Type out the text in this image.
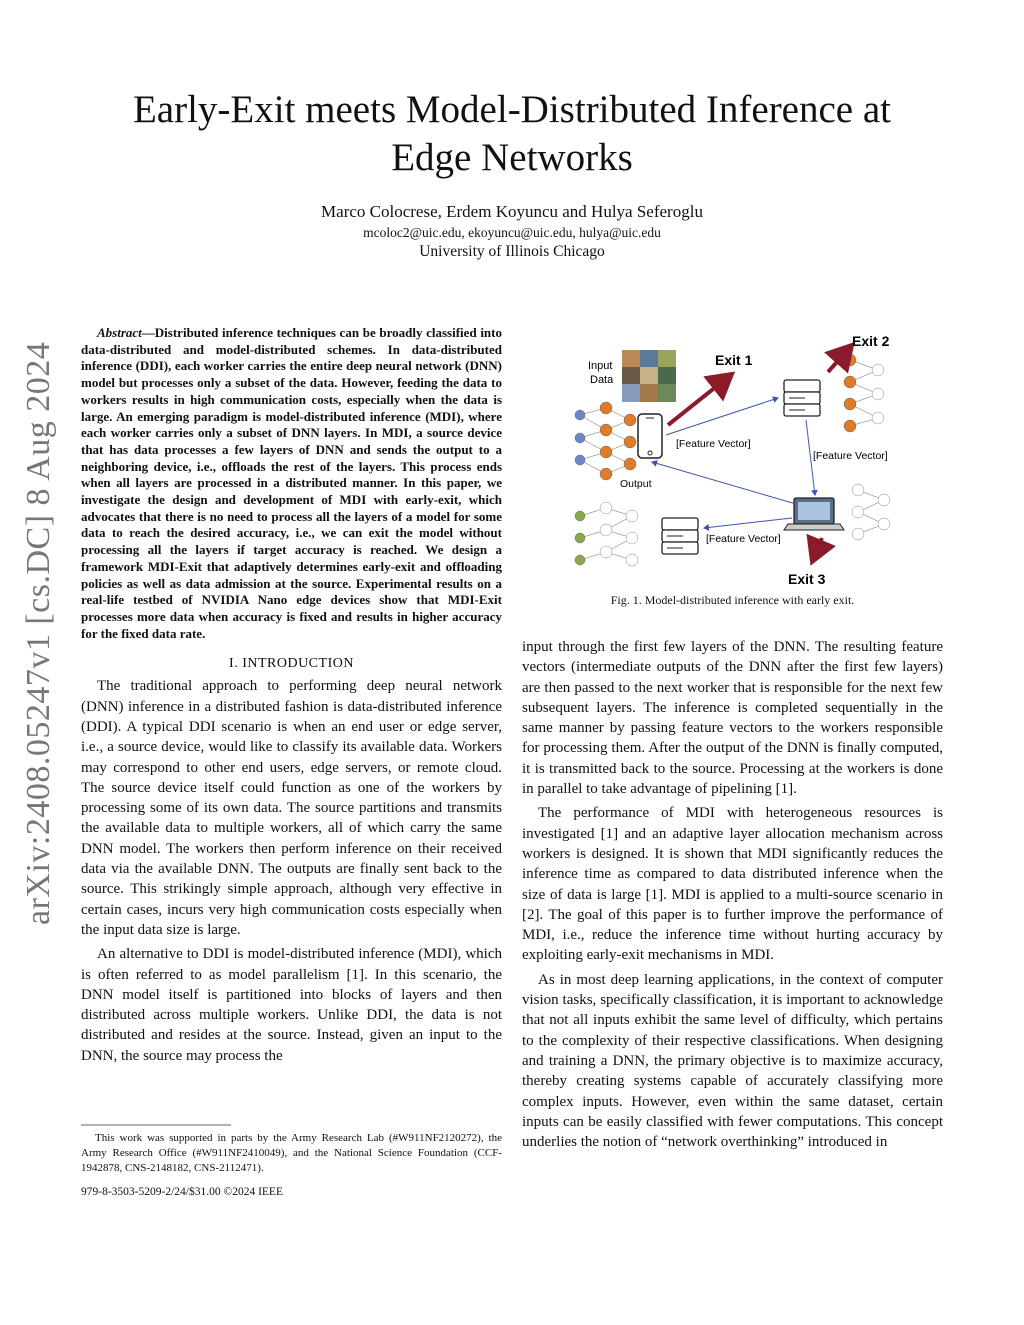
Early-Exit meets Model-Distributed Inference at Edge Networks
Marco Colocrese, Erdem Koyuncu and Hulya Seferoglu
mcoloc2@uic.edu, ekoyuncu@uic.edu, hulya@uic.edu
University of Illinois Chicago
arXiv:2408.05247v1 [cs.DC] 8 Aug 2024

Abstract—Distributed inference techniques can be broadly classified into data-distributed and model-distributed schemes. In data-distributed inference (DDI), each worker carries the entire deep neural network (DNN) model but processes only a subset of the data. However, feeding the data to workers results in high communication costs, especially when the data is large. An emerging paradigm is model-distributed inference (MDI), where each worker carries only a subset of DNN layers. In MDI, a source device that has data processes a few layers of DNN and sends the output to a neighboring device, i.e., offloads the rest of the layers. This process ends when all layers are processed in a distributed manner. In this paper, we investigate the design and development of MDI with early-exit, which advocates that there is no need to process all the layers of a model for some data to reach the desired accuracy, i.e., we can exit the model without processing all the layers if target accuracy is reached. We design a framework MDI-Exit that adaptively determines early-exit and offloading policies as well as data admission at the source. Experimental results on a real-life testbed of NVIDIA Nano edge devices show that MDI-Exit processes more data when accuracy is fixed and results in higher accuracy for the fixed data rate.

I. INTRODUCTION

The traditional approach to performing deep neural network (DNN) inference in a distributed fashion is data-distributed inference (DDI). A typical DDI scenario is when an end user or edge server, i.e., a source device, would like to classify its available data. Workers may correspond to other end users, edge servers, or remote cloud. The source device itself could function as one of the workers by processing some of its own data. The source partitions and transmits the available data to multiple workers, all of which carry the same DNN model. The workers then perform inference on their received data via the available DNN. The outputs are finally sent back to the source. This strikingly simple approach, although very effective in certain cases, incurs very high communication costs especially when the input data size is large.

An alternative to DDI is model-distributed inference (MDI), which is often referred to as model parallelism [1]. In this scenario, the DNN model itself is partitioned into blocks of layers and then distributed across multiple workers. Unlike DDI, the data is not distributed and resides at the source. Instead, given an input to the DNN, the source may process the

This work was supported in parts by the Army Research Lab (#W911NF2120272), the Army Research Office (#W911NF2410049), and the National Science Foundation (CCF-1942878, CNS-2148182, CNS-2112471).
979-8-3503-5209-2/24/$31.00 ©2024 IEEE
Input
Data
Exit 1
[Feature Vector]
Exit 2
[Feature Vector]
Exit 3
[Feature Vector]
Output
Fig. 1. Model-distributed inference with early exit.

input through the first few layers of the DNN. The resulting feature vectors (intermediate outputs of the DNN after the first few layers) are then passed to the next worker that is responsible for the next few subsequent layers. The inference is completed sequentially in the same manner by passing feature vectors to the workers responsible for processing them. After the output of the DNN is finally computed, it is transmitted back to the source. Processing at the workers is done in parallel to take advantage of pipelining [1].

The performance of MDI with heterogeneous resources is investigated [1] and an adaptive layer allocation mechanism across workers is designed. It is shown that MDI significantly reduces the inference time as compared to data distributed inference when the size of data is large [1]. MDI is applied to a multi-source scenario in [2]. The goal of this paper is to further improve the performance of MDI, i.e., reduce the inference time without hurting accuracy by exploiting early-exit mechanisms in MDI.

As in most deep learning applications, in the context of computer vision tasks, specifically classification, it is important to acknowledge that not all inputs exhibit the same level of difficulty, which pertains to the complexity of their respective classifications. When designing and training a DNN, the primary objective is to maximize accuracy, thereby creating systems capable of accurately classifying more complex inputs. However, even within the same dataset, certain inputs can be easily classified with fewer computations. This concept underlies the notion of “network overthinking” introduced in
